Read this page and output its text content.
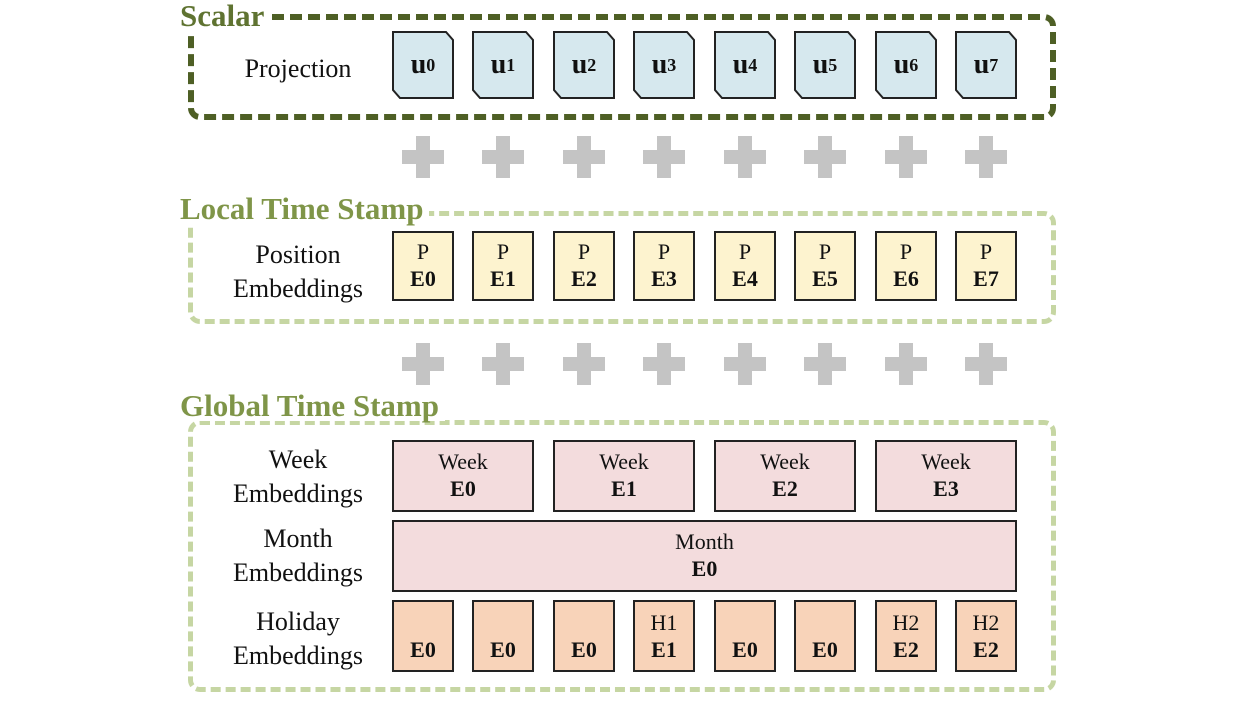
Scalar
Projection
Local Time Stamp
Position
Embeddings
Global Time Stamp
Week
Embeddings
Month
Embeddings
Month
E0
Holiday
Embeddings
u 0 u 1 u 2 u 3 u 4 u 5 u 6 u 7
P
E0
P
E1
P
E2
P
E3
P
E4
P
E5
P
E6
P
E7
Week
E0
Week
E1
Week
E2
Week
E3
E0 E0	E0
H1
E1	E0 E0
H2
E2
H2
E2
